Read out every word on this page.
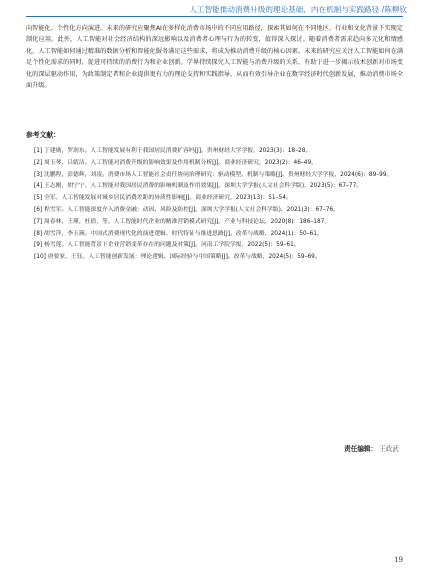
人工智能推动消费升级的理论基础、内在机制与实践路径 /陈柳钦
向智能化、个性化方向演进。未来的研究应聚焦AI在多样化消费市场中的不同应用路径，探索其如何在不同地区、行业和文化背景下实现定制化应用。此外，人工智能对社会经济结构的深远影响以及消费者心理与行为的转变，值得深入探讨。随着消费者需求趋向多元化和情感化，人工智能如何通过精准的数据分析和智能化服务满足这些需求，将成为推动消费升级的核心因素。未来的研究应关注人工智能如何在满足个性化需求的同时，促进可持续的消费行为和企业创新。学界持续探究人工智能与消费升级的关系，有助于进一步揭示技术创新对市场变化的深层驱动作用，为政策制定者和企业提供更有力的理论支持和实践指导，从而有效引导企业在数字经济时代创新发展，推动消费市场全面升级。
参考文献：

[1] 丁建勋，罗润东。人工智能发展有利于我国居民消费扩容吗[J]。贵州财经大学学报，2023(3)：18–28。

[2] 周玉琴，吕婧洁。人工智能对消费升级的影响效果及作用机制分析[J]。商业经济研究，2023(2)：46–49。

[3] 沈鹏程，彭德辉，刘凌。消费市场人工智能社会责任协同治理研究：驱动模型、机制与策略[J]。贵州财经大学学报，2024(6)：89–99。

[4] 王志刚，胡宁宁。人工智能对我国居民消费的影响机制及作用效果[J]。深圳大学学报(人文社会科学版)，2023(5)：67–77。

[5] 全军。人工智能发展对城乡居民消费差距的异质性影响[J]。商业经济研究，2023(13)：51–54。

[6] 程雪军。人工智能深度介入消费金融：动因、风险及防控[J]。深圳大学学报(人文社会科学版)，2021(3)：67–76。

[7] 周春林，王瑾，杜倩，等。人工智能时代企业的精准营销模式研究[J]。产业与科技论坛，2020(8)：186–187。

[8] 胡雪萍，李玉瑛。中国式消费现代化的演进逻辑、时代特征与推进思路[J]。改革与战略，2024(1)：50–61。

[9] 杨雪莲。人工智能背景下企业营销变革存在的问题及对策[J]。河南工学院学报，2022(5)：59–61。

[10] 唐要家，王钰。人工智能创新发展：理论逻辑、国际经验与中国策略[J]。改革与战略，2024(5)：59–69。

责任编辑： 王政武
19
